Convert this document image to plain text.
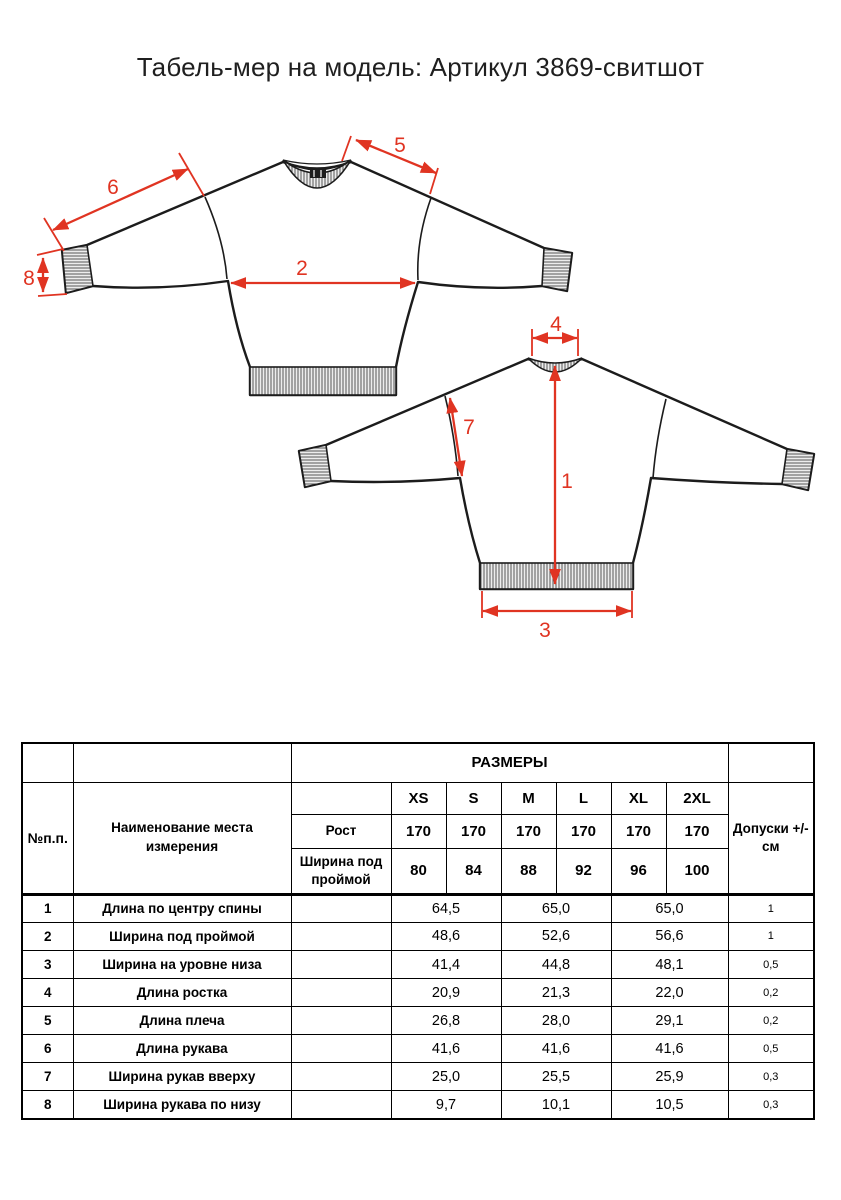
Табель-мер на модель: Артикул 3869-свитшот
6
5
2
8
4
1
7
3
		РАЗМЕРЫ							
№п.п.	Наименование места измерения		XS	S	M	L	XL	2XL	Допуски +/- см
		Рост	170	170	170	170	170	170	
		Ширина под проймой	80	84	88	92	96	100	
1	Длина по центру спины		64,5		65,0		65,0		1
2	Ширина под проймой		48,6		52,6		56,6		1
3	Ширина на уровне низа		41,4		44,8		48,1		0,5
4	Длина ростка		20,9		21,3		22,0		0,2
5	Длина плеча		26,8		28,0		29,1		0,2
6	Длина рукава		41,6		41,6		41,6		0,5
7	Ширина рукав вверху		25,0		25,5		25,9		0,3
8	Ширина рукава по низу		9,7		10,1		10,5		0,3
